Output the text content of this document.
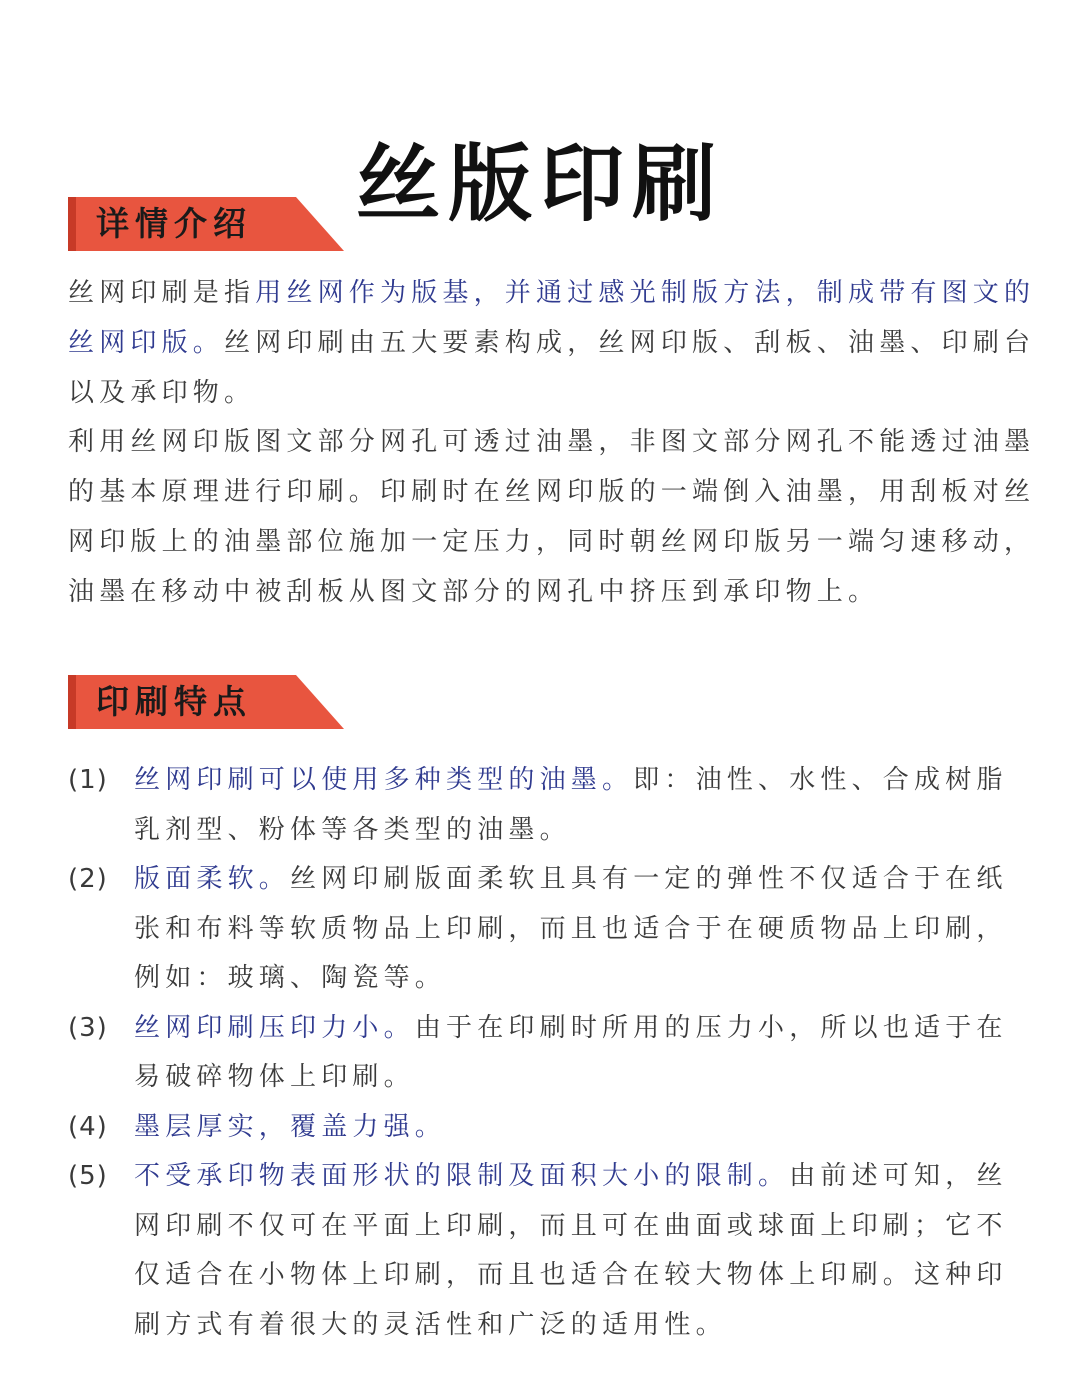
丝版印刷
详情介绍

丝网印刷是指用丝网作为版基，并通过感光制版方法，制成带有图文的丝网印版。丝网印刷由五大要素构成，丝网印版、刮板、油墨、印刷台以及承印物。

利用丝网印版图文部分网孔可透过油墨，非图文部分网孔不能透过油墨的基本原理进行印刷。印刷时在丝网印版的一端倒入油墨，用刮板对丝网印版上的油墨部位施加一定压力，同时朝丝网印版另一端匀速移动，油墨在移动中被刮板从图文部分的网孔中挤压到承印物上。

印刷特点
(1) 丝网印刷可以使用多种类型的油墨。即：油性、水性、合成树脂乳剂型、粉体等各类型的油墨。
(2) 版面柔软。丝网印刷版面柔软且具有一定的弹性不仅适合于在纸张和布料等软质物品上印刷，而且也适合于在硬质物品上印刷，例如：玻璃、陶瓷等。
(3) 丝网印刷压印力小。由于在印刷时所用的压力小，所以也适于在易破碎物体上印刷。
(4) 墨层厚实，覆盖力强。
(5) 不受承印物表面形状的限制及面积大小的限制。由前述可知，丝网印刷不仅可在平面上印刷，而且可在曲面或球面上印刷；它不仅适合在小物体上印刷，而且也适合在较大物体上印刷。这种印刷方式有着很大的灵活性和广泛的适用性。
